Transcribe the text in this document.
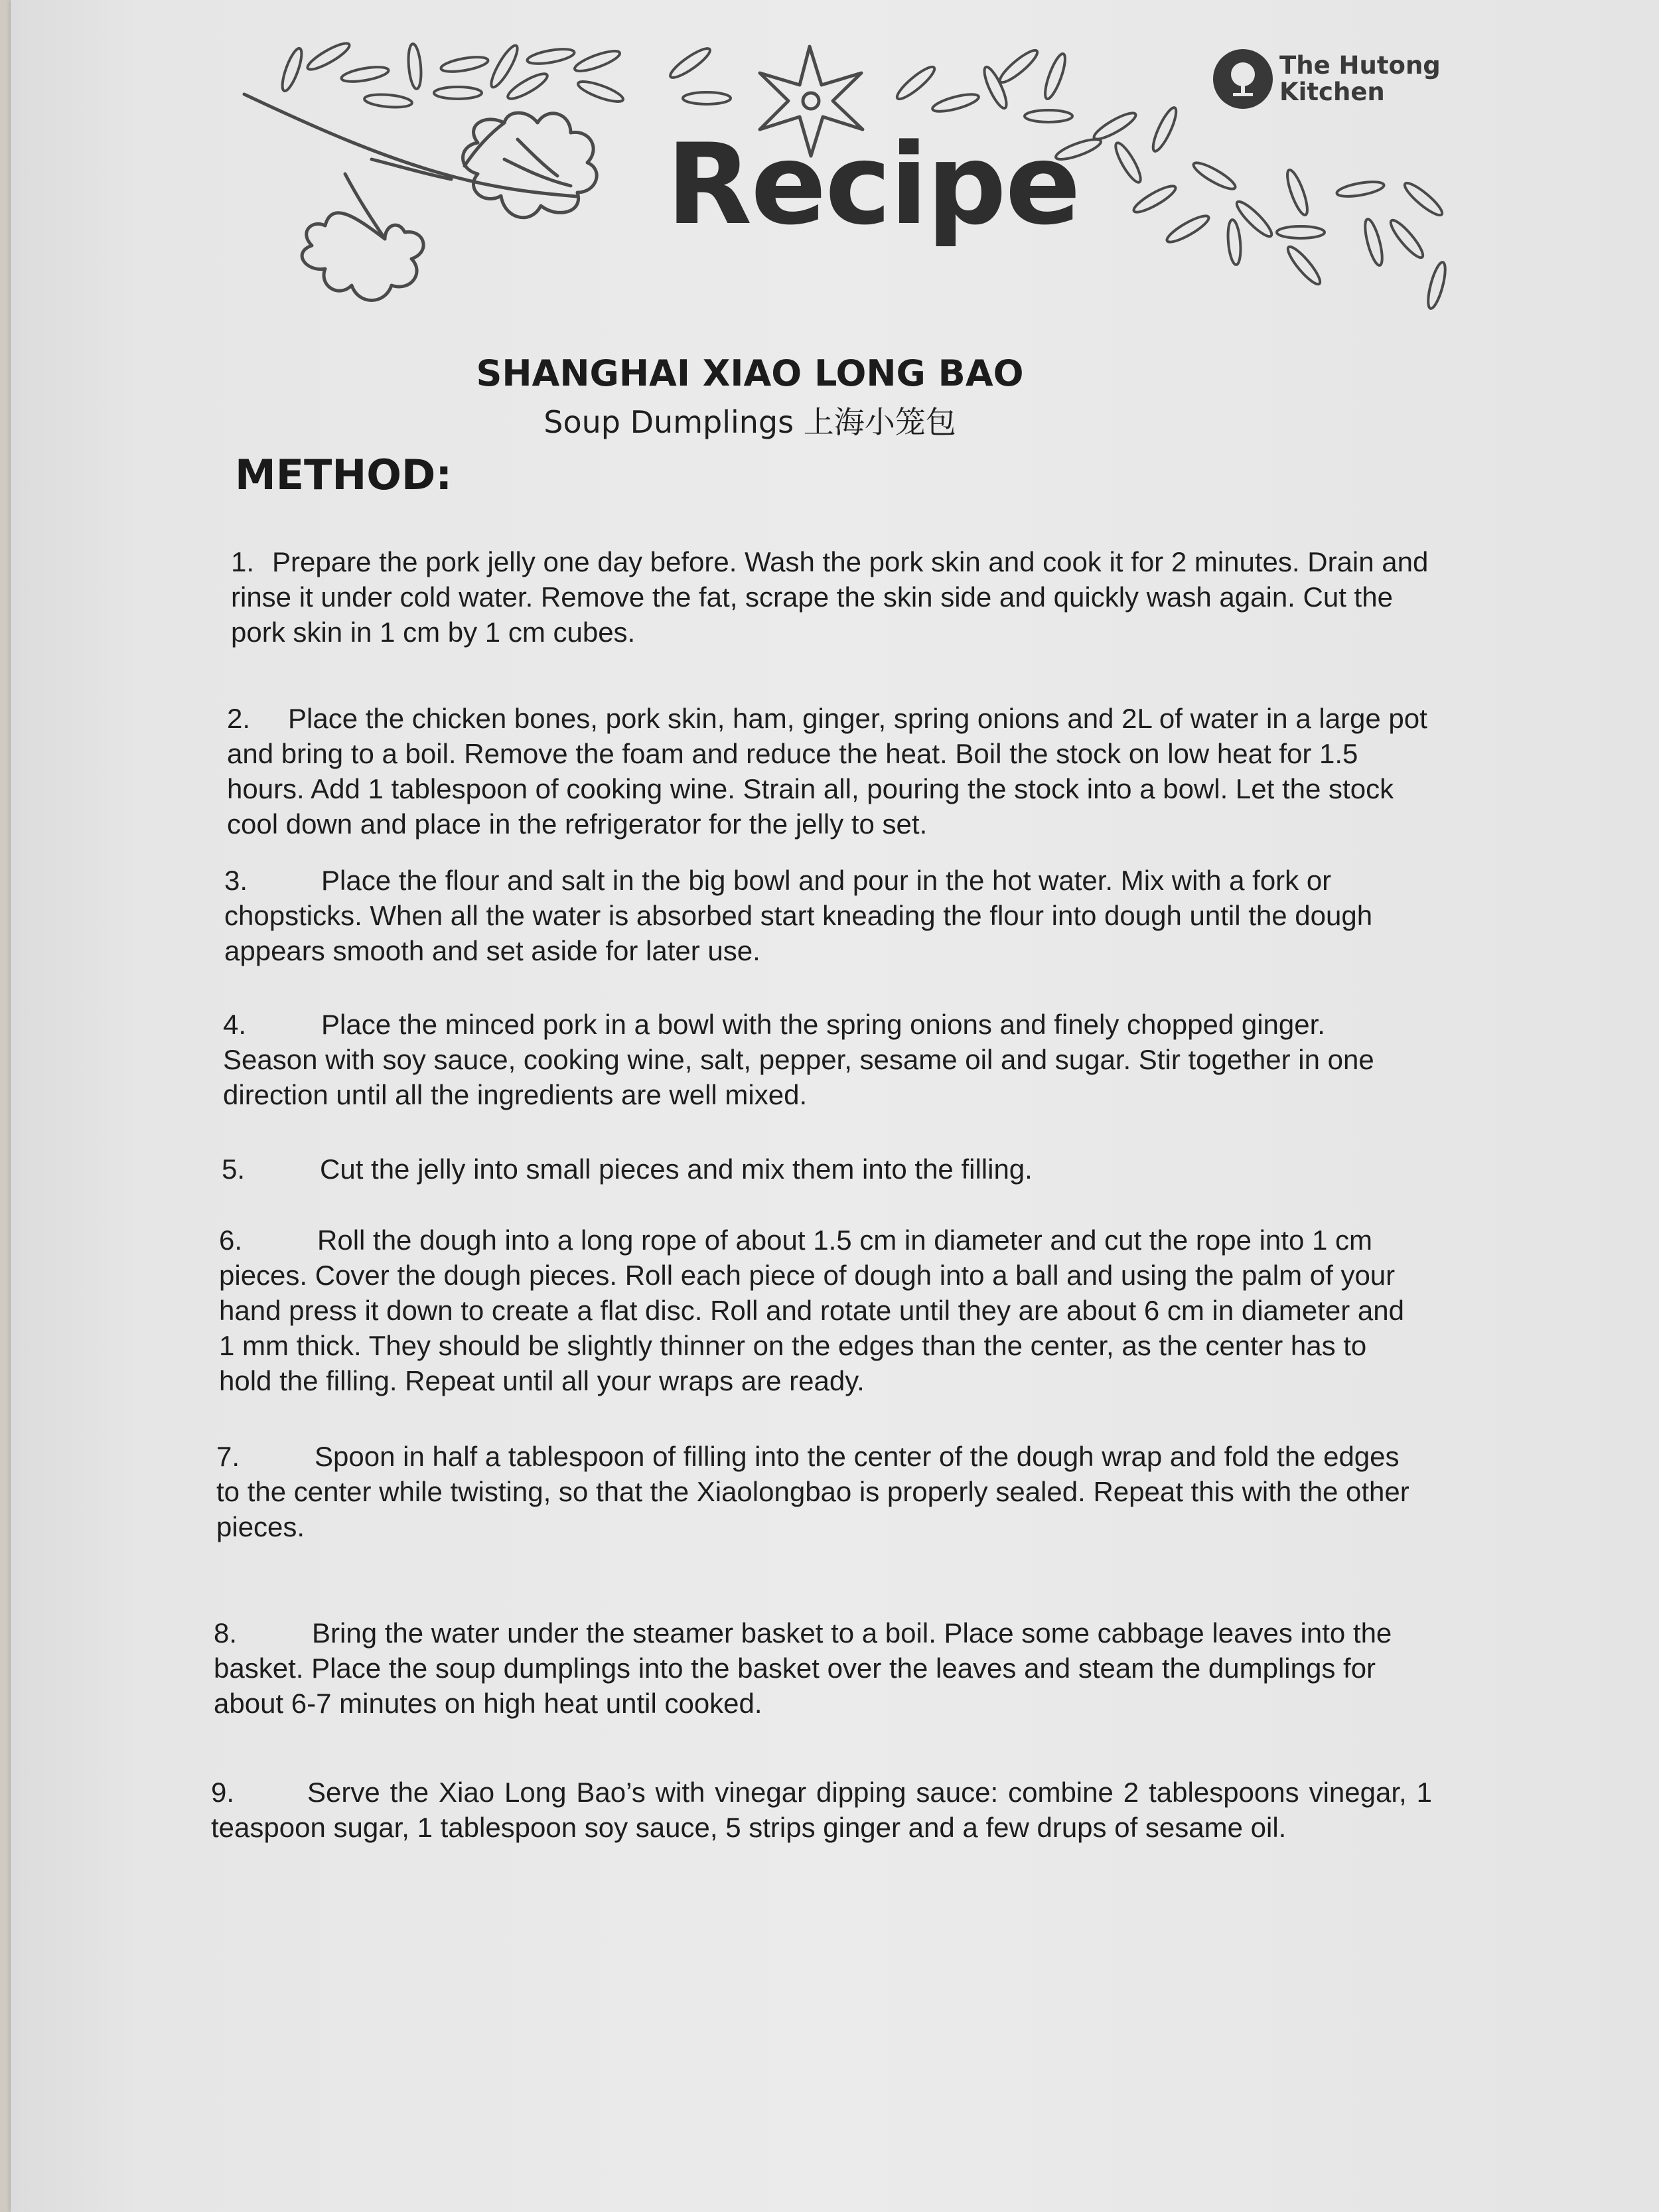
The Hutong
Kitchen
Recipe
SHANGHAI XIAO LONG BAO
Soup Dumplings 上海小笼包
METHOD:
1. Prepare the pork jelly one day before. Wash the pork skin and cook it for 2 minutes. Drain and rinse it under cold water. Remove the fat, scrape the skin side and quickly wash again. Cut the pork skin in 1 cm by 1 cm cubes.
2. Place the chicken bones, pork skin, ham, ginger, spring onions and 2L of water in a large pot and bring to a boil. Remove the foam and reduce the heat. Boil the stock on low heat for 1.5 hours. Add 1 tablespoon of cooking wine. Strain all, pouring the stock into a bowl. Let the stock cool down and place in the refrigerator for the jelly to set.
3.	Place the flour and salt in the big bowl and pour in the hot water. Mix with a fork or chopsticks. When all the water is absorbed start kneading the flour into dough until the dough appears smooth and set aside for later use.
4.	Place the minced pork in a bowl with the spring onions and finely chopped ginger. Season with soy sauce, cooking wine, salt, pepper, sesame oil and sugar. Stir together in one direction until all the ingredients are well mixed.
5.	Cut the jelly into small pieces and mix them into the filling.
6.	Roll the dough into a long rope of about 1.5 cm in diameter and cut the rope into 1 cm pieces. Cover the dough pieces. Roll each piece of dough into a ball and using the palm of your hand press it down to create a flat disc. Roll and rotate until they are about 6 cm in diameter and 1 mm thick. They should be slightly thinner on the edges than the center, as the center has to hold the filling. Repeat until all your wraps are ready.
7.	Spoon in half a tablespoon of filling into the center of the dough wrap and fold the edges to the center while twisting, so that the Xiaolongbao is properly sealed. Repeat this with the other pieces.
8.	Bring the water under the steamer basket to a boil. Place some cabbage leaves into the basket. Place the soup dumplings into the basket over the leaves and steam the dumplings for about 6-7 minutes on high heat until cooked.
9.	Serve the Xiao Long Bao’s with vinegar dipping sauce: combine 2 tablespoons vinegar, 1 teaspoon sugar, 1 tablespoon soy sauce, 5 strips ginger and a few drups of sesame oil.
